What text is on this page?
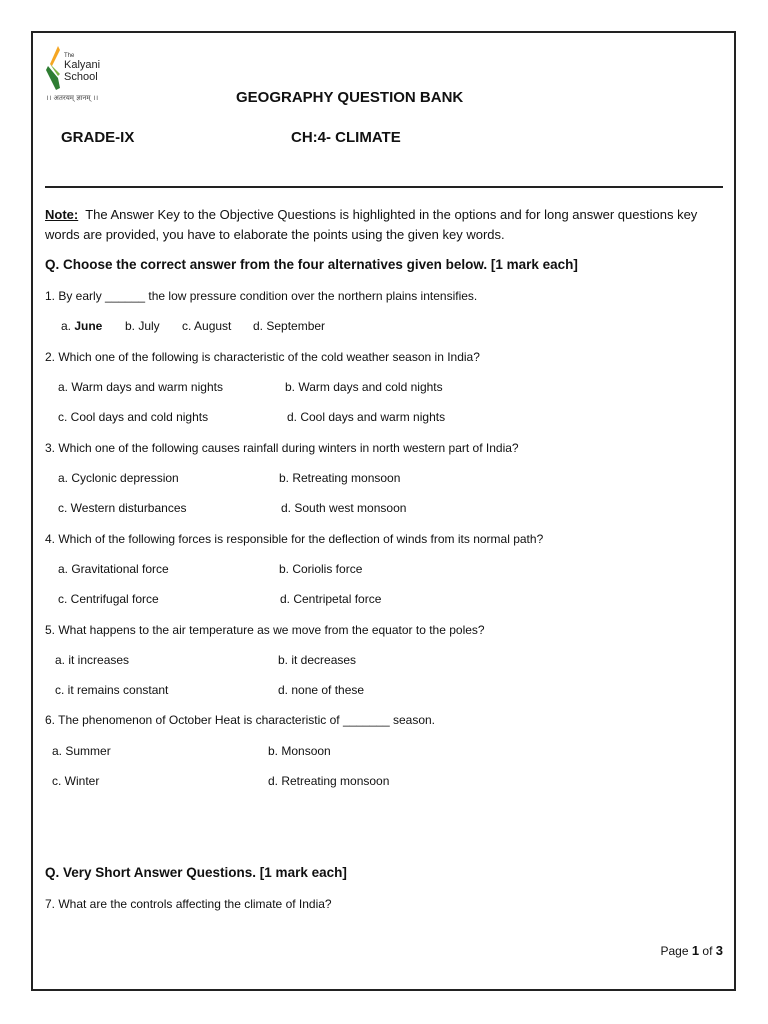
The
Kalyani
School
।। अतरयम् ज्ञानम् ।।	GEOGRAPHY QUESTION BANK
GRADE-IX	CH:4- CLIMATE
Note: The Answer Key to the Objective Questions is highlighted in the options and for long answer questions key words are provided, you have to elaborate the points using the given key words.
Q. Choose the correct answer from the four alternatives given below. [1 mark each]
1. By early ______ the low pressure condition over the northern plains intensifies.
a. June b. July c. August d. September
2. Which one of the following is characteristic of the cold weather season in India?
a. Warm days and warm nights	b. Warm days and cold nights
c. Cool days and cold nights	d. Cool days and warm nights
3. Which one of the following causes rainfall during winters in north western part of India?
a. Cyclonic depression	b. Retreating monsoon
c. Western disturbances	d. South west monsoon
4. Which of the following forces is responsible for the deflection of winds from its normal path?
a. Gravitational force	b. Coriolis force
c. Centrifugal force	d. Centripetal force
5. What happens to the air temperature as we move from the equator to the poles?
a. it increases	b. it decreases
c. it remains constant	d. none of these
6. The phenomenon of October Heat is characteristic of _______ season.
a. Summer	b. Monsoon
c. Winter	d. Retreating monsoon
Q. Very Short Answer Questions. [1 mark each]
7. What are the controls affecting the climate of India?
Page 1 of 3
